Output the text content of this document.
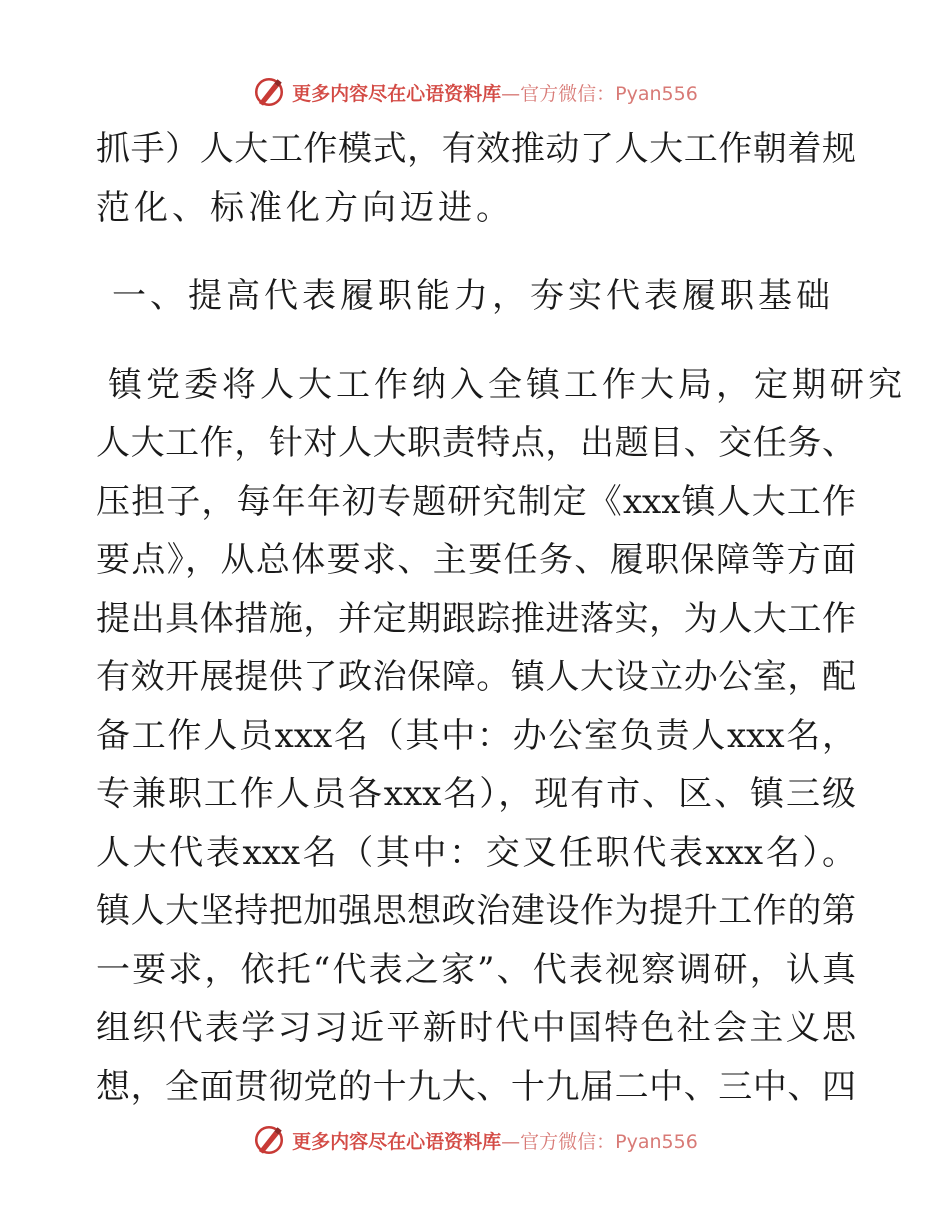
更多内容尽在心语资料库—官方微信：Pyan556
抓手）人大工作模式，有效推动了人大工作朝着规
范化、标准化方向迈进。
一、提高代表履职能力，夯实代表履职基础
镇党委将人大工作纳入全镇工作大局，定期研究
人大工作，针对人大职责特点，出题目、交任务、
压担子，每年年初专题研究制定《xxx镇人大工作
要点》，从总体要求、主要任务、履职保障等方面
提出具体措施，并定期跟踪推进落实，为人大工作
有效开展提供了政治保障。镇人大设立办公室，配
备工作人员xxx名（其中：办公室负责人xxx名，
专兼职工作人员各xxx名），现有市、区、镇三级
人大代表xxx名（其中：交叉任职代表xxx名）。
镇人大坚持把加强思想政治建设作为提升工作的第
一要求，依托“代表之家”、代表视察调研，认真
组织代表学习习近平新时代中国特色社会主义思
想，全面贯彻党的十九大、十九届二中、三中、四
更多内容尽在心语资料库—官方微信：Pyan556
